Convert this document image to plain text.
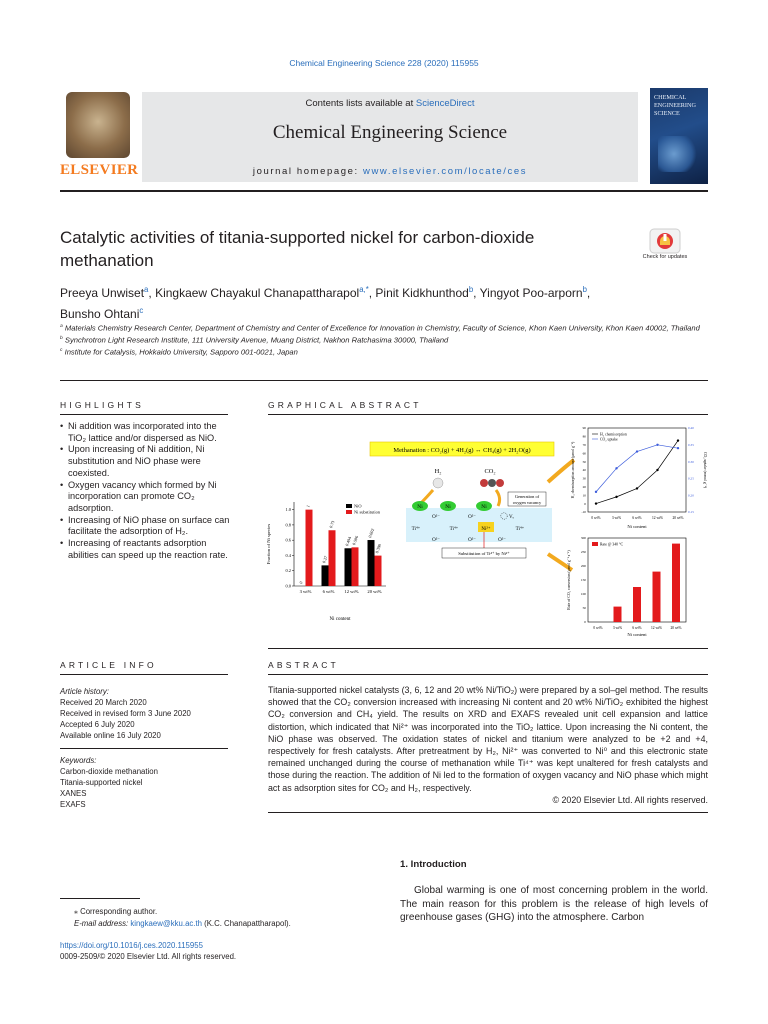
Chemical Engineering Science 228 (2020) 115955
ELSEVIER
Contents lists available at ScienceDirect
Chemical Engineering Science
journal homepage: www.elsevier.com/locate/ces
CHEMICAL
ENGINEERING
SCIENCE
Catalytic activities of titania-supported nickel for carbon-dioxide methanation	Check for updates
Preeya Unwiset$^a$, Kingkaew Chayakul Chanapattharapol$^{a,*}$, Pinit Kidkhunthod$^b$, Yingyot Poo-arporn$^b$,
Bunsho Ohtani$^c$

$^a$ Materials Chemistry Research Center, Department of Chemistry and Center of Excellence for Innovation in Chemistry, Faculty of Science, Khon Kaen University, Khon Kaen 40002, Thailand

$^b$ Synchrotron Light Research Institute, 111 University Avenue, Muang District, Nakhon Ratchasima 30000, Thailand

$^c$ Institute for Catalysis, Hokkaido University, Sapporo 001-0021, Japan

HIGHLIGHTS

• Ni addition was incorporated into the TiO₂ lattice and/or dispersed as NiO.

• Upon increasing of Ni addition, Ni substitution and NiO phase were coexisted.

• Oxygen vacancy which formed by Ni incorporation can promote CO₂ adsorption.

• Increasing of NiO phase on surface can facilitate the adsorption of H₂.

• Increasing of reactants adsorption abilities can speed up the reaction rate.

GRAPHICAL ABSTRACT
0.0
0.2
0.4
0.6
0.8
1.0
0
1
0.27
0.73
0.494 0.506
0.602
0.398
3 wt% 6 wt% 12 wt% 20 wt%
Ni content
Fraction of Ni species
NiO
Ni substitution
Methanation : CO₂(g) + 4H₂(g) ↔ CH₄(g) + 2H₂O(g)
H₂	CO₂
Ni	Ni	Ni
Generation of
oxygen vacancy
Ti⁴⁺	Ti⁴⁺	Ni²⁺	Ti⁴⁺
O²⁻	O²⁻
O²⁻	O²⁻	O²⁻
Vₒ
Substitution of Ti⁴⁺ by Ni²⁺
-10
0
10
20
30
40
50
60
70
80
90
0.15
0.20
0.25
0.30
0.35
0.40
0 wt%	3 wt%	6 wt%	12 wt%	20 wt%
Ni content
H₂ chemisorption amount (µmol g⁻¹)	CO₂ uptake (mmol g⁻¹)
H₂ chemisorption
CO₂ uptake
0
50
100
150
200
250
300
0 wt%	3 wt%	6 wt%	12 wt% 20 wt%
Ni content
Rate of CO₂ conversion (µmol g⁻¹ s⁻¹)
Rate @ 340 °C
ARTICLE INFO
Article history:
Received 20 March 2020
Received in revised form 3 June 2020
Accepted 6 July 2020
Available online 16 July 2020
Keywords:
Carbon-dioxide methanation
Titania-supported nickel
XANES
EXAFS
ABSTRACT
Titania-supported nickel catalysts (3, 6, 12 and 20 wt% Ni/TiO₂) were prepared by a sol–gel method. The results showed that the CO₂ conversion increased with increasing Ni content and 20 wt% Ni/TiO₂ exhibited the highest CO₂ conversion and CH₄ yield. The results on XRD and EXAFS revealed unit cell expansion and lattice distortion, which indicated that Ni²⁺ was incorporated into the TiO₂ lattice. Upon increasing the Ni content, the NiO phase was observed. The oxidation states of nickel and titanium were analyzed to be +2 and +4, respectively for fresh catalysts. After pretreatment by H₂, Ni²⁺ was converted to Ni⁰ and this electronic state remained unchanged during the course of methanation while Ti⁴⁺ was kept unaltered for fresh catalysts and those during the reaction. The addition of Ni led to the formation of oxygen vacancy and NiO phase which might act as adsorption sites for CO₂ and H₂, respectively.
© 2020 Elsevier Ltd. All rights reserved.
1. Introduction
Global warming is one of most concerning problem in the world. The main reason for this problem is the release of high levels of greenhouse gases (GHG) into the atmosphere. Carbon

⁎ Corresponding author.

E-mail address: kingkaew@kku.ac.th (K.C. Chanapattharapol).

https://doi.org/10.1016/j.ces.2020.115955

0009-2509/© 2020 Elsevier Ltd. All rights reserved.
